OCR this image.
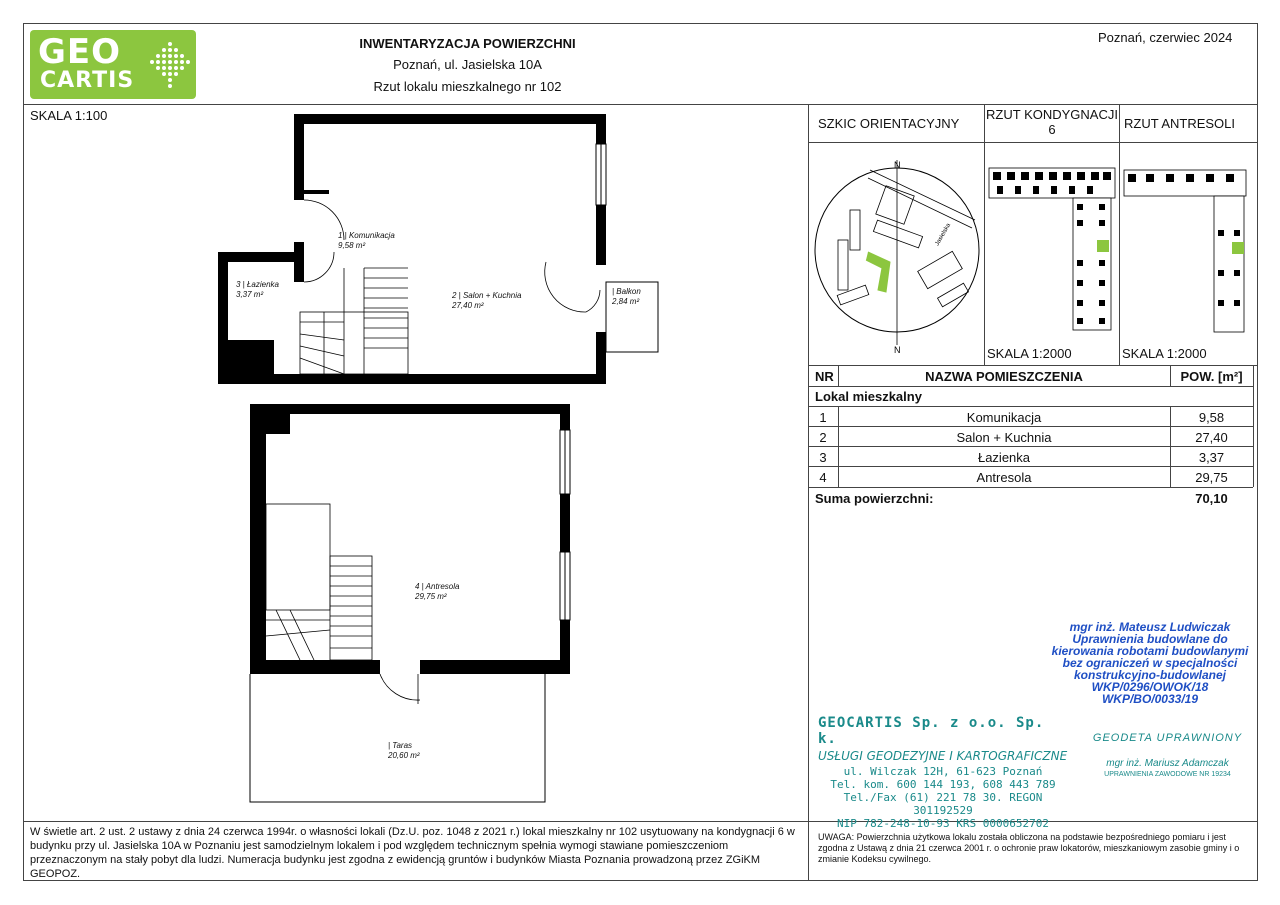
GEO
CARTIS
INWENTARYZACJA POWIERZCHNI
Poznań, ul. Jasielska 10A
Rzut lokalu mieszkalnego nr 102
Poznań, czerwiec 2024
SKALA 1:100
1 | Komunikacja
9,58 m²
2 | Salon + Kuchnia
27,40 m²
3 | Łazienka
3,37 m²	| Balkon
2,84 m²
4 | Antresola
29,75 m²
| Taras
20,60 m²
SZKIC ORIENTACYJNY
RZUT KONDYGNACJI 6	RZUT ANTRESOLI
SKALA 1:2000	SKALA 1:2000
Jasielska
N
N
NR	NAZWA POMIESZCZENIA	POW. [m²]
Lokal mieszkalny
1	Komunikacja	9,58
2	Salon + Kuchnia	27,40
3	Łazienka	3,37
4	Antresola	29,75
Suma powierzchni:	70,10
mgr inż. Mateusz Ludwiczak
Uprawnienia budowlane do
kierowania robotami budowlanymi
bez ograniczeń w specjalności
konstrukcyjno-budowlanej
WKP/0296/OWOK/18
WKP/BO/0033/19
GEOCARTIS Sp. z o.o. Sp. k.
USŁUGI GEODEZYJNE I KARTOGRAFICZNE
ul. Wilczak 12H, 61-623 Poznań
Tel. kom. 600 144 193, 608 443 789
Tel./Fax (61) 221 78 30. REGON 301192529
NIP 782-248-10-93 KRS 0000652702
GEODETA UPRAWNIONY
mgr inż. Mariusz Adamczak
UPRAWNIENIA ZAWODOWE NR 19234
W świetle art. 2 ust. 2 ustawy z dnia 24 czerwca 1994r. o własności lokali (Dz.U. poz. 1048 z 2021 r.) lokal mieszkalny nr 102 usytuowany na kondygnacji 6 w budynku przy ul. Jasielska 10A w Poznaniu jest samodzielnym lokalem i pod względem technicznym spełnia wymogi stawiane pomieszczeniom przeznaczonym na stały pobyt dla ludzi. Numeracja budynku jest zgodna z ewidencją gruntów i budynków Miasta Poznania prowadzoną przez ZGiKM GEOPOZ.
UWAGA: Powierzchnia użytkowa lokalu została obliczona na podstawie bezpośredniego pomiaru i jest zgodna z Ustawą z dnia 21 czerwca 2001 r. o ochronie praw lokatorów, mieszkaniowym zasobie gminy i o zmianie Kodeksu cywilnego.
